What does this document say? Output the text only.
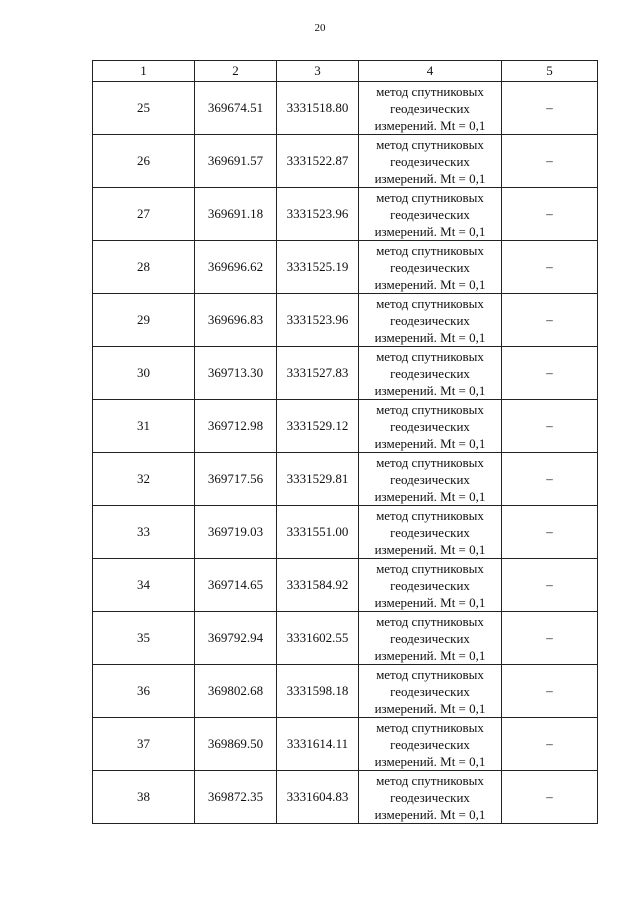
20
1	2	3	4	5
25	369674.51	3331518.80	метод спутниковых
геодезических
измерений. Mt = 0,1	–
26	369691.57	3331522.87	метод спутниковых
геодезических
измерений. Mt = 0,1	–
27	369691.18	3331523.96	метод спутниковых
геодезических
измерений. Mt = 0,1	–
28	369696.62	3331525.19	метод спутниковых
геодезических
измерений. Mt = 0,1	–
29	369696.83	3331523.96	метод спутниковых
геодезических
измерений. Mt = 0,1	–
30	369713.30	3331527.83	метод спутниковых
геодезических
измерений. Mt = 0,1	–
31	369712.98	3331529.12	метод спутниковых
геодезических
измерений. Mt = 0,1	–
32	369717.56	3331529.81	метод спутниковых
геодезических
измерений. Mt = 0,1	–
33	369719.03	3331551.00	метод спутниковых
геодезических
измерений. Mt = 0,1	–
34	369714.65	3331584.92	метод спутниковых
геодезических
измерений. Mt = 0,1	–
35	369792.94	3331602.55	метод спутниковых
геодезических
измерений. Mt = 0,1	–
36	369802.68	3331598.18	метод спутниковых
геодезических
измерений. Mt = 0,1	–
37	369869.50	3331614.11	метод спутниковых
геодезических
измерений. Mt = 0,1	–
38	369872.35	3331604.83	метод спутниковых
геодезических
измерений. Mt = 0,1	–
